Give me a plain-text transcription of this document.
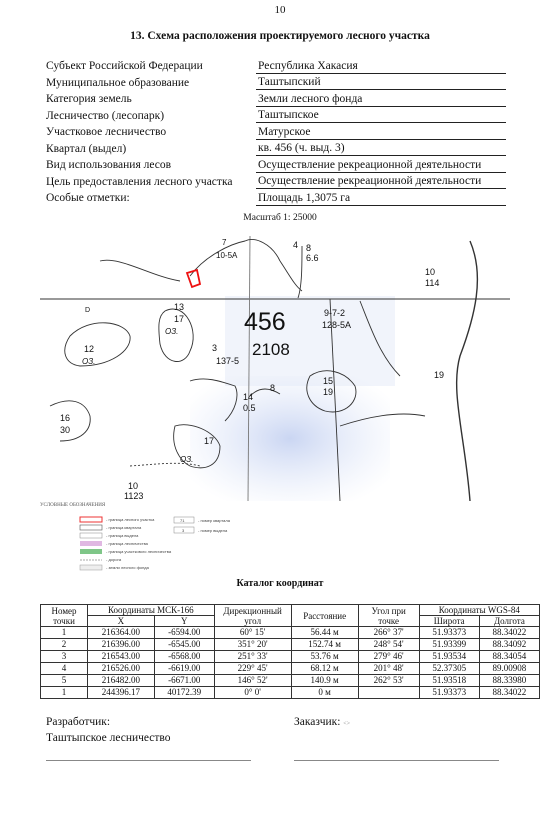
10
13. Схема расположения проектируемого лесного участка
Субъект Российской Федерации	Республика Хакасия
Муниципальное образование	Таштыпский
Категория земель	Земли лесного фонда
Лесничество (лесопарк)	Таштыпское
Участковое лесничество	Матурское
Квартал (выдел)	кв. 456 (ч. выд. 3)
Вид использования лесов	Осуществление рекреационной деятельности
Цель предоставления лесного участка	Осуществление рекреационной деятельности
Особые отметки:	Площадь 1,3075 га
Масштаб 1: 25000
7
10-5А
4 8
6.6
10
114
9-7-2
128-5А
456
2108
13
17
ОЗ.
12
ОЗ.
3
137-5
15
19
19
8
14
0.5
16
30
17
ОЗ.
10
1123
D
УСЛОВНЫЕ ОБОЗНАЧЕНИЯ
- граница лесного участка
- граница квартала
- граница выдела
- граница лесничества
- граница участкового лесничества
- дорога
- земли лесного фонда
71	- номер квартала
3	- номер выдела
Каталог координат
Номер точки	Координаты МСК-166		Дирекционный угол	Расстояние	Угол при точке	Координаты WGS-84	
	X	Y				Широта	Долгота
1	216364.00	-6594.00	60° 15'	56.44 м	266° 37'	51.93373	88.34022
2	216396.00	-6545.00	351° 20'	152.74 м	248° 54'	51.93399	88.34092
3	216543.00	-6568.00	251° 33'	53.76 м	279° 46'	51.93534	88.34054
4	216526.00	-6619.00	229° 45'	68.12 м	201° 48'	52.37305	89.00908
5	216482.00	-6671.00	146° 52'	140.9 м	262° 53'	51.93518	88.33980
1	244396.17	40172.39	0° 0'	0 м		51.93373	88.34022
Разработчик:
Таштыпское лесничество
Заказчик: <>
